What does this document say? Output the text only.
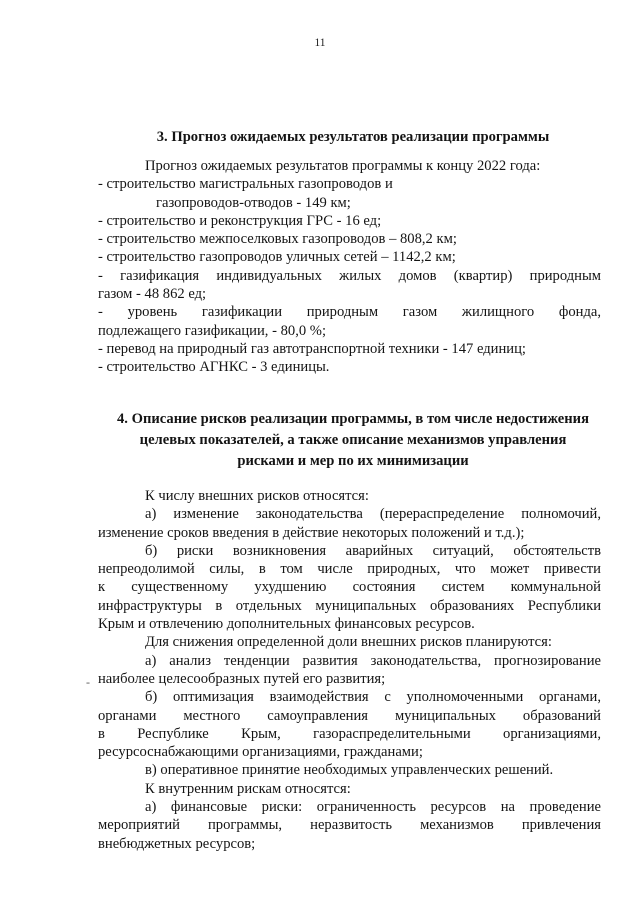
11
3. Прогноз ожидаемых результатов реализации программы

Прогноз ожидаемых результатов программы к концу 2022 года:

- строительство магистральных газопроводов и

газопроводов-отводов - 149 км;

- строительство и реконструкция ГРС - 16 ед;

- строительство межпоселковых газопроводов – 808,2 км;

- строительство газопроводов уличных сетей – 1142,2 км;

- газификация индивидуальных жилых домов (квартир) природным

газом - 48 862 ед;

- уровень газификации природным газом жилищного фонда,

подлежащего газификации, - 80,0 %;

- перевод на природный газ автотранспортной техники - 147 единиц;

- строительство АГНКС - 3 единицы.

4. Описание рисков реализации программы, в том числе недостижения
целевых показателей, а также описание механизмов управления
рисками и мер по их минимизации

К числу внешних рисков относятся:

а) изменение законодательства (перераспределение полномочий,

изменение сроков введения в действие некоторых положений и т.д.);

б) риски возникновения аварийных ситуаций, обстоятельств

непреодолимой силы, в том числе природных, что может привести

к существенному ухудшению состояния систем коммунальной

инфраструктуры в отдельных муниципальных образованиях Республики

Крым и отвлечению дополнительных финансовых ресурсов.

Для снижения определенной доли внешних рисков планируются:

а) анализ тенденции развития законодательства, прогнозирование

наиболее целесообразных путей его развития;

б) оптимизация взаимодействия с уполномоченными органами,

органами местного самоуправления муниципальных образований

в Республике Крым, газораспределительными организациями,

ресурсоснабжающими организациями, гражданами;

в) оперативное принятие необходимых управленческих решений.

К внутренним рискам относятся:

а) финансовые риски: ограниченность ресурсов на проведение

мероприятий программы, неразвитость механизмов привлечения

внебюджетных ресурсов;

-
